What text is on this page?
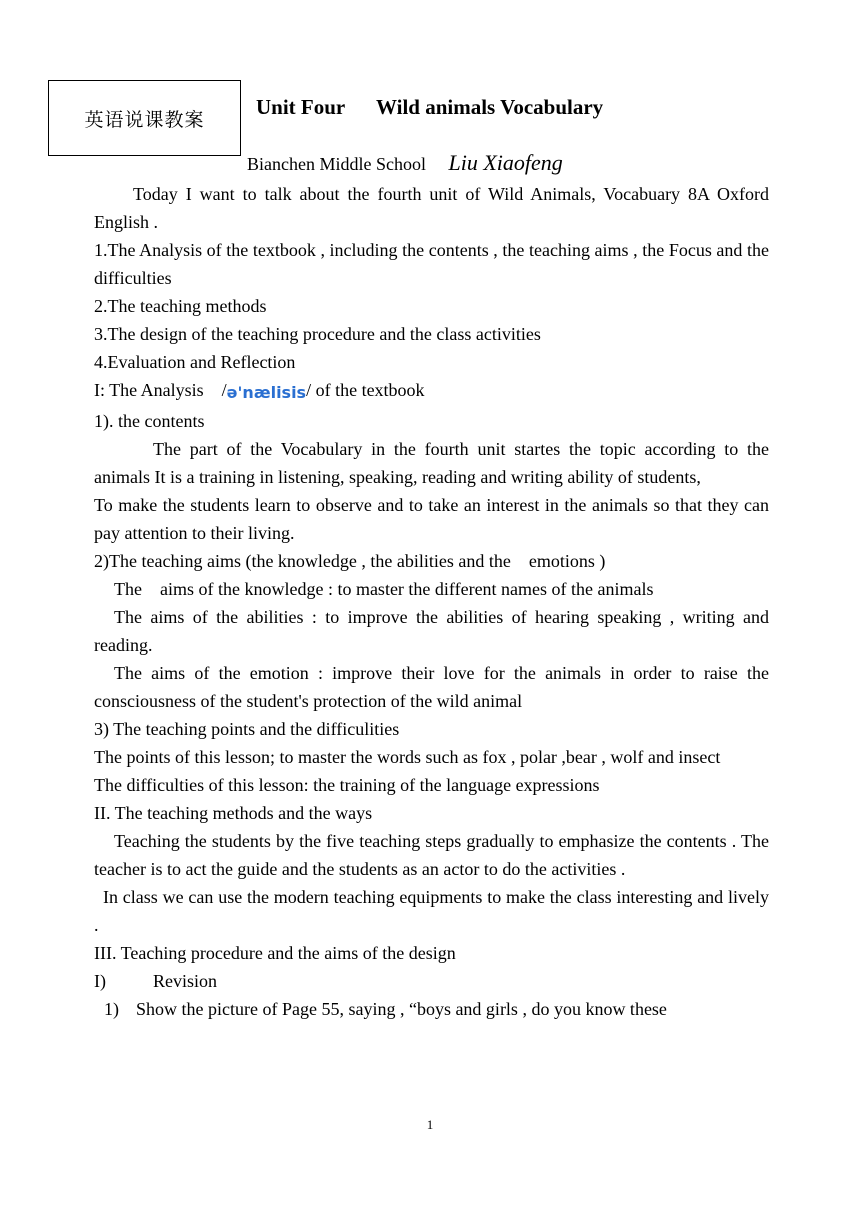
英语说课教案
Unit Four      Wild animals Vocabulary
Bianchen Middle School Liu Xiaofeng

Today I want to talk about the fourth unit of Wild Animals, Vocabuary 8A Oxford English .

1.The Analysis of the textbook , including the contents , the teaching aims , the Focus and the difficulties

2.The teaching methods

3.The design of the teaching procedure and the class activities

4.Evaluation and Reflection

I: The Analysis    /ə'nælisis/ of the textbook

1). the contents

The part of the Vocabulary in the fourth unit startes the topic according to the animals It is a training in listening, speaking, reading and writing ability of students,

To make the students learn to observe and to take an interest in the animals so that they can pay attention to their living.

2)The teaching aims (the knowledge , the abilities and the    emotions )

The    aims of the knowledge : to master the different names of the animals

The aims of the abilities : to improve the abilities of hearing speaking , writing and reading.

The aims of the emotion : improve their love for the animals in order to raise the consciousness of the student's protection of the wild animal

3) The teaching points and the difficulities

The points of this lesson; to master the words such as fox , polar ,bear , wolf and insect

The difficulties of this lesson: the training of the language expressions

II. The teaching methods and the ways

Teaching the students by the five teaching steps gradually to emphasize the contents . The teacher is to act the guide and the students as an actor to do the activities .

In class we can use the modern teaching equipments to make the class interesting and lively .

III. Teaching procedure and the aims of the design

I)	Revision

1) Show the picture of Page 55, saying , “boys and girls , do you know these

1
